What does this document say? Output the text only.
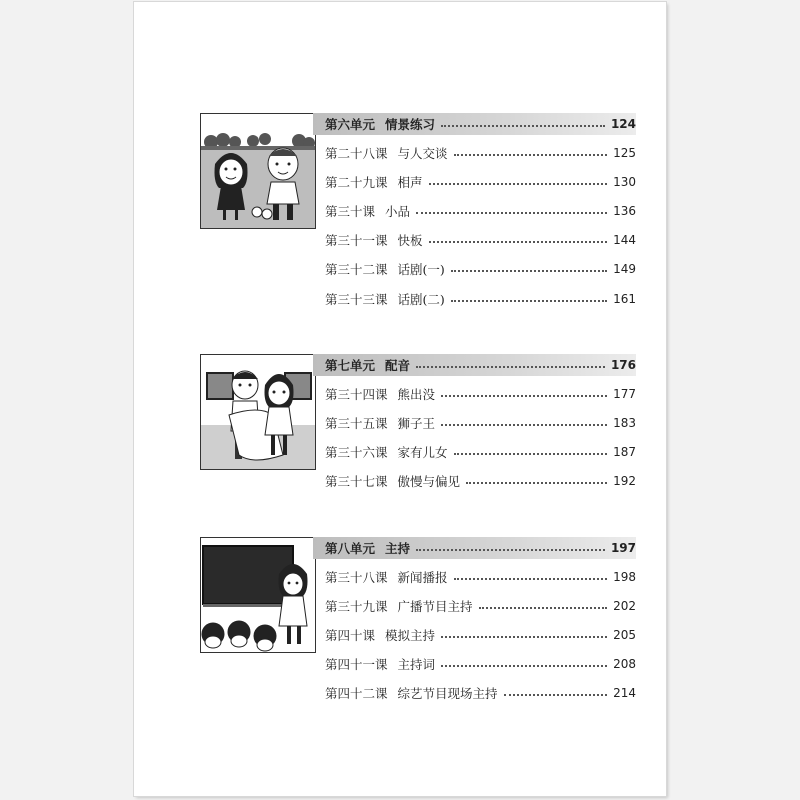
第六单元 情景练习	124
第二十八课 与人交谈	125
第二十九课 相声	130
第三十课 小品	136
第三十一课 快板	144
第三十二课 话剧(一)	149
第三十三课 话剧(二)	161
第七单元 配音	176
第三十四课 熊出没	177
第三十五课 狮子王	183
第三十六课 家有儿女	187
第三十七课 傲慢与偏见	192
第八单元 主持	197
第三十八课 新闻播报	198
第三十九课 广播节目主持	202
第四十课 模拟主持	205
第四十一课 主持词	208
第四十二课 综艺节目现场主持	214
